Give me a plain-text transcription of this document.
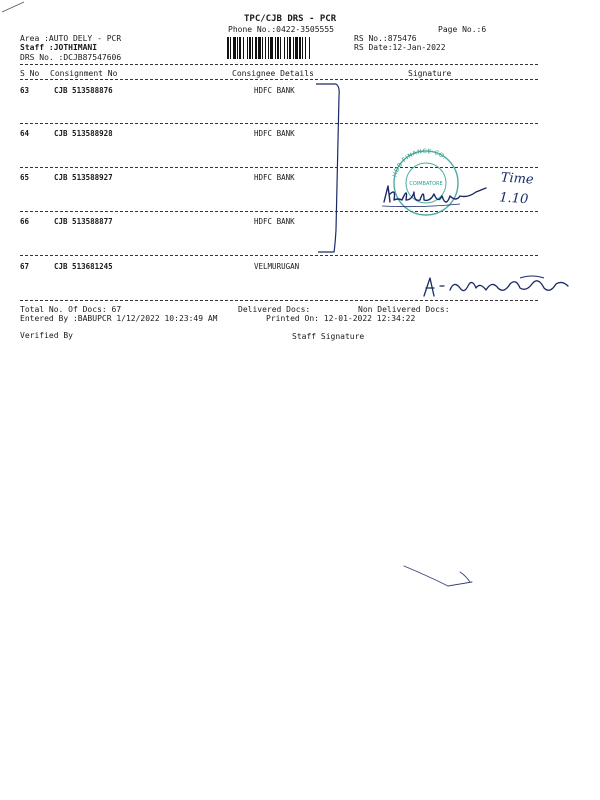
TPC/CJB DRS - PCR
Phone No.:0422-3505555	Page No.:6
Area :AUTO DELY - PCR
Staff :JOTHIMANI
DRS No. :DCJB87547606
RS No.:875476
RS Date:12-Jan-2022
S No Consignment No	Consignee Details	Signature
63	CJB 513588876	HDFC BANK
64	CJB 513588928	HDFC BANK
65	CJB 513588927	HDFC BANK
66	CJB 513588877	HDFC BANK
67	CJB 513681245	VELMURUGAN
HDB FINANCE CO.
COIMBATORE	Time 1.10
Total No. Of Docs: 67	Delivered Docs:	Non Delivered Docs:
Entered By :BABUPCR 1/12/2022 10:23:49 AM	Printed On: 12-01-2022 12:34:22
Verified By	Staff Signature
